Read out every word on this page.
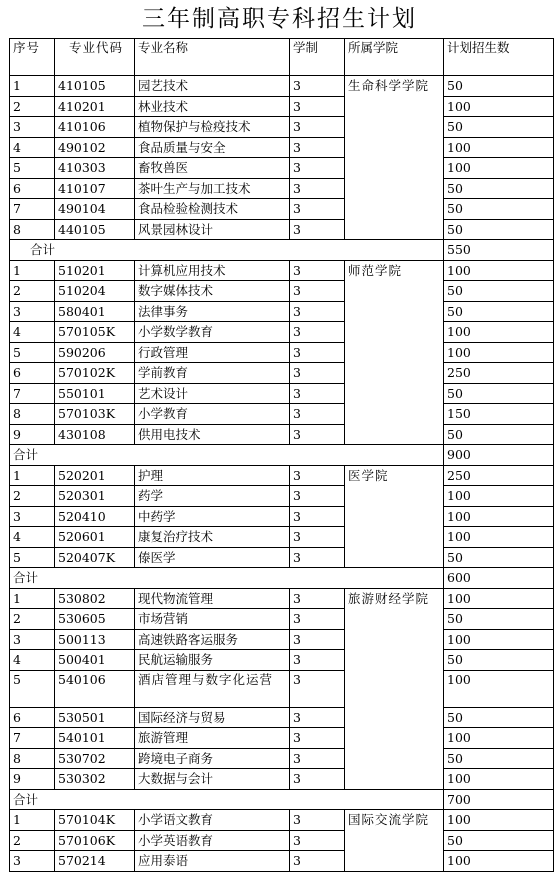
三年制高职专科招生计划
序号	专业代码	专业名称	学制	所属学院	计划招生数
1	410105	园艺技术	3	生命科学学院	50
2	410201	林业技术	3		100
3	410106	植物保护与检疫技术	3		50
4	490102	食品质量与安全	3		100
5	410303	畜牧兽医	3		100
6	410107	茶叶生产与加工技术	3		50
7	490104	食品检验检测技术	3		50
8	440105	风景园林设计	3		50
合计					550
1	510201	计算机应用技术	3	师范学院	100
2	510204	数字媒体技术	3		50
3	580401	法律事务	3		50
4	570105K	小学数学教育	3		100
5	590206	行政管理	3		100
6	570102K	学前教育	3		250
7	550101	艺术设计	3		50
8	570103K	小学教育	3		150
9	430108	供用电技术	3		50
合计					900
1	520201	护理	3	医学院	250
2	520301	药学	3		100
3	520410	中药学	3		100
4	520601	康复治疗技术	3		100
5	520407K	傣医学	3		50
合计					600
1	530802	现代物流管理	3	旅游财经学院	100
2	530605	市场营销	3		50
3	500113	高速铁路客运服务	3		100
4	500401	民航运输服务	3		50
5	540106	酒店管理与数字化运营	3		100
6	530501	国际经济与贸易	3		50
7	540101	旅游管理	3		100
8	530702	跨境电子商务	3		50
9	530302	大数据与会计	3		100
合计					700
1	570104K	小学语文教育	3	国际交流学院	100
2	570106K	小学英语教育	3		50
3	570214	应用泰语	3		100
